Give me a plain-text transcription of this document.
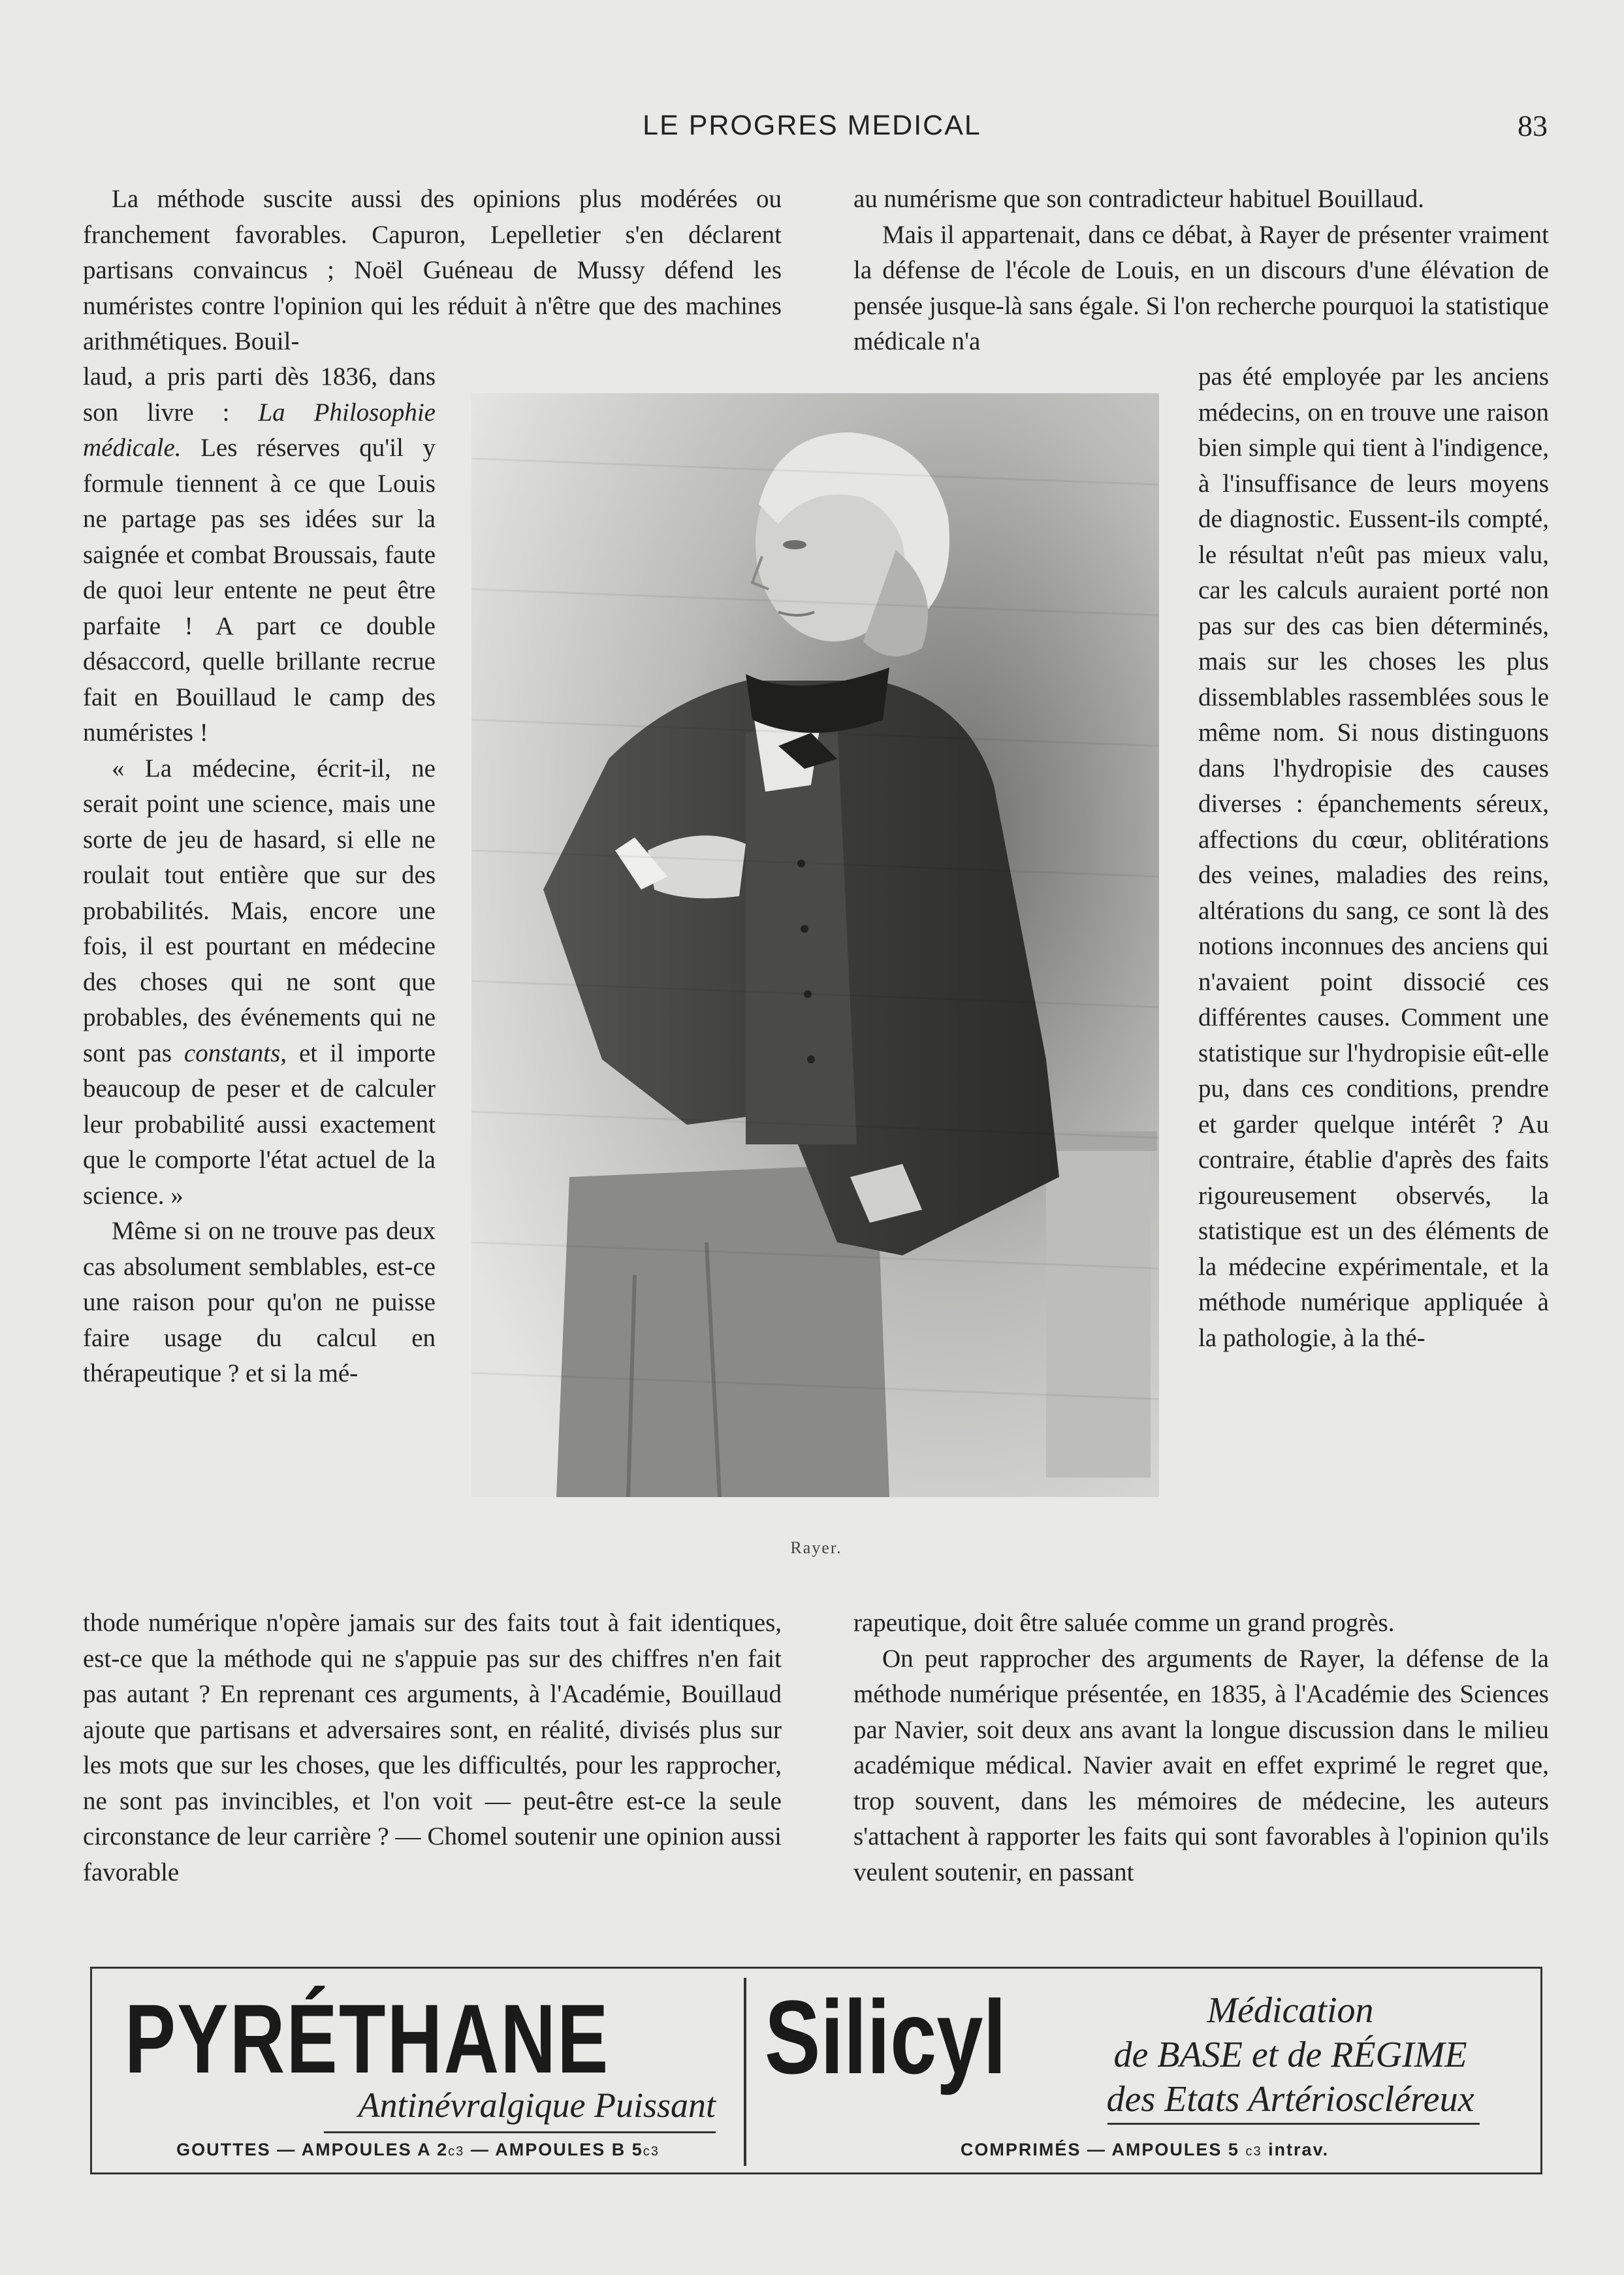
LE PROGRES MEDICAL	83

La méthode suscite aussi des opinions plus modérées ou franchement favorables. Capuron, Lepelletier s'en déclarent partisans convaincus ; Noël Guéneau de Mussy défend les numéristes contre l'opinion qui les réduit à n'être que des machines arithmétiques. Bouil-

laud, a pris parti dès 1836, dans son livre : La Philosophie médicale. Les réserves qu'il y formule tiennent à ce que Louis ne partage pas ses idées sur la saignée et combat Broussais, faute de quoi leur entente ne peut être parfaite ! A part ce double désaccord, quelle brillante recrue fait en Bouillaud le camp des numéristes !

« La médecine, écrit-il, ne serait point une science, mais une sorte de jeu de hasard, si elle ne roulait tout entière que sur des probabilités. Mais, encore une fois, il est pourtant en médecine des choses qui ne sont que probables, des événements qui ne sont pas constants, et il importe beaucoup de peser et de calculer leur probabilité aussi exactement que le comporte l'état actuel de la science. »

Même si on ne trouve pas deux cas absolument semblables, est-ce une raison pour qu'on ne puisse faire usage du calcul en thérapeutique ? et si la mé-

thode numérique n'opère jamais sur des faits tout à fait identiques, est-ce que la méthode qui ne s'appuie pas sur des chiffres n'en fait pas autant ? En reprenant ces arguments, à l'Académie, Bouillaud ajoute que partisans et adversaires sont, en réalité, divisés plus sur les mots que sur les choses, que les difficultés, pour les rapprocher, ne sont pas invincibles, et l'on voit — peut-être est-ce la seule circonstance de leur carrière ? — Chomel soutenir une opinion aussi favorable

au numérisme que son contradicteur habituel Bouillaud.

Mais il appartenait, dans ce débat, à Rayer de présenter vraiment la défense de l'école de Louis, en un discours d'une élévation de pensée jusque-là sans égale. Si l'on recherche pourquoi la statistique médicale n'a

pas été employée par les anciens médecins, on en trouve une raison bien simple qui tient à l'indigence, à l'insuffisance de leurs moyens de diagnostic. Eussent-ils compté, le résultat n'eût pas mieux valu, car les calculs auraient porté non pas sur des cas bien déterminés, mais sur les choses les plus dissemblables rassemblées sous le même nom. Si nous distinguons dans l'hydropisie des causes diverses : épanchements séreux, affections du cœur, oblitérations des veines, maladies des reins, altérations du sang, ce sont là des notions inconnues des anciens qui n'avaient point dissocié ces différentes causes. Comment une statistique sur l'hydropisie eût-elle pu, dans ces conditions, prendre et garder quelque intérêt ? Au contraire, établie d'après des faits rigoureusement observés, la statistique est un des éléments de la médecine expérimentale, et la méthode numérique appliquée à la pathologie, à la thé-

rapeutique, doit être saluée comme un grand progrès.

On peut rapprocher des arguments de Rayer, la défense de la méthode numérique présentée, en 1835, à l'Académie des Sciences par Navier, soit deux ans avant la longue discussion dans le milieu académique médical. Navier avait en effet exprimé le regret que, trop souvent, dans les mémoires de médecine, les auteurs s'attachent à rapporter les faits qui sont favorables à l'opinion qu'ils veulent soutenir, en passant

Rayer.
PYRÉTHANE
Antinévralgique Puissant
GOUTTES — AMPOULES A 2c3 — AMPOULES B 5c3
Silicyl	Médication
de BASE et de RÉGIME
des Etats Artérioscléreux
COMPRIMÉS — AMPOULES 5 c3 intrav.
